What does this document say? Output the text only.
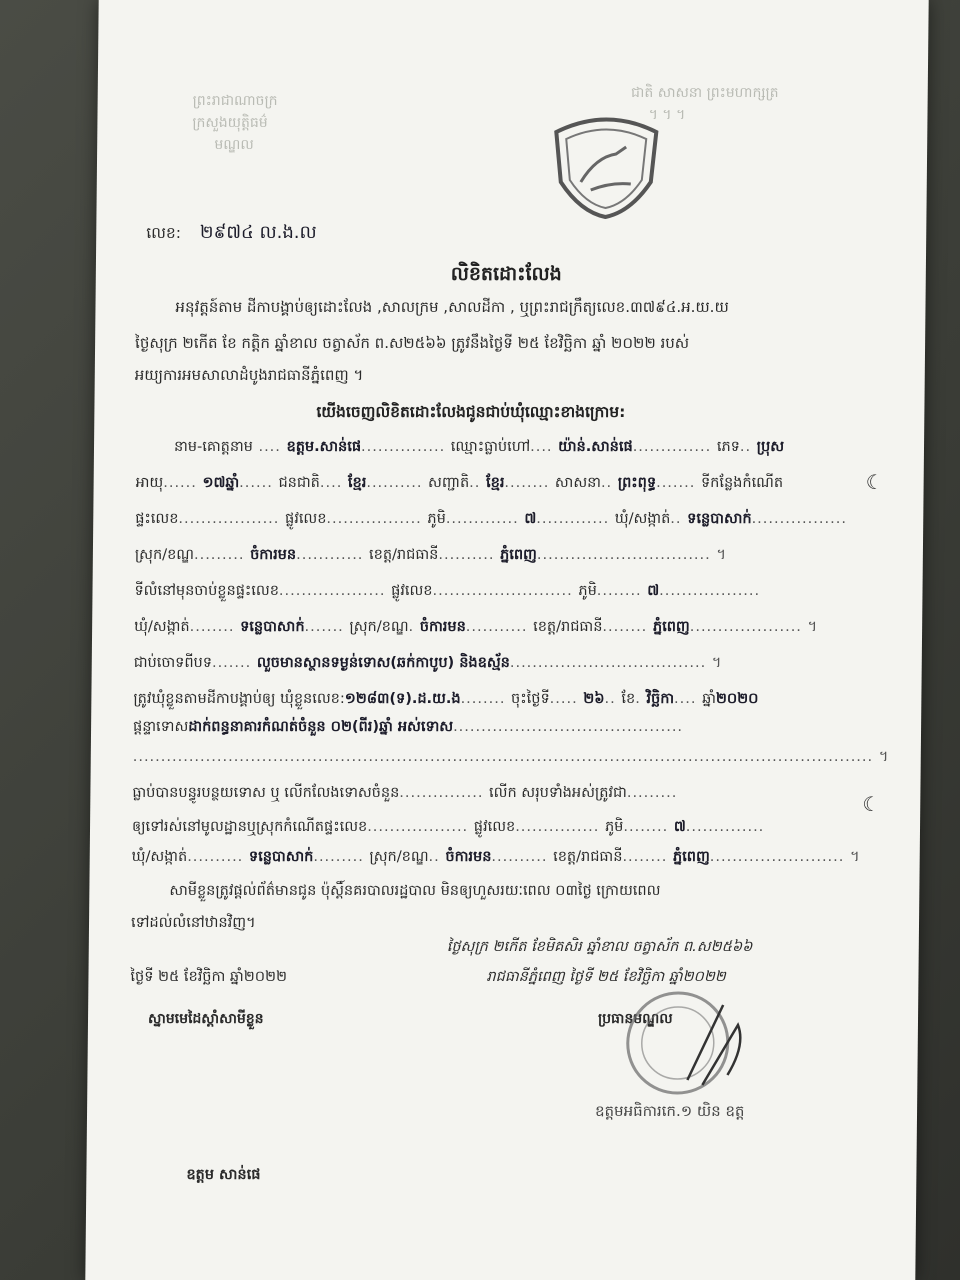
ព្រះរាជាណាចក្រ
ក្រសួងយុត្តិធម៌​​​​​​​
មណ្ឌល
ជាតិ សាសនា ព្រះមហាក្សត្រ
។ ។ ។
លេខ: ២៩៧៤ ល.ង.ល
លិខិតដោះលែង
អនុវត្តន៍តាម ដីកាបង្គាប់ឲ្យដោះលែង ,សាលក្រម ,សាលដីកា , ឬព្រះរាជក្រឹត្យលេខ.៣៧៩៤.អ.យ.យ
ថ្ងៃសុក្រ ២កើត ខែ កត្តិក ឆ្នាំខាល ចត្វាស័ក ព.ស២៥៦៦ ត្រូវនឹងថ្ងៃទី ២៥ ខែវិច្ឆិកា ឆ្នាំ ២០២២ របស់
អយ្យការអមសាលាដំបូងរាជធានីភ្នំពេញ ។
យើងចេញលិខិតដោះលែងជូនជាប់ឃុំឈ្មោះខាងក្រោម:
នាម-គោត្តនាម .... ឧត្តម.សាន់ផេ............... ឈ្មោះធ្លាប់ហៅ.... យ៉ាន់.សាន់ផេ.............. ភេទ.. ប្រុស
អាយុ...... ១៧ឆ្នាំ...... ជនជាតិ.... ខ្មែរ.......... សញ្ជាតិ.. ខ្មែរ........ សាសនា.. ព្រះពុទ្ធ....... ទីកន្លែងកំណើត	☾
ផ្ទះលេខ.................. ផ្លូវលេខ................. ភូមិ............. ៧............. ឃុំ/សង្កាត់.. ទន្លេបាសាក់.................
ស្រុក/ខណ្ឌ......... ចំការមន............ ខេត្ត/រាជធានី.......... ភ្នំពេញ............................... ។
ទីលំនៅមុនចាប់ខ្លួនផ្ទះលេខ................... ផ្លូវលេខ......................... ភូមិ........ ៧..................
ឃុំ/សង្កាត់........ ទន្លេបាសាក់....... ស្រុក/ខណ្ឌ. ចំការមន........... ខេត្ត/រាជធានី........ ភ្នំពេញ.................... ។
ជាប់ចោទពីបទ....... លួចមានស្ថានទម្ងន់ទោស(ឆក់កាបូប) និងឧស្ម័ន................................... ។
ត្រូវឃុំខ្លួនតាមដីកាបង្គាប់ឲ្យ ឃុំខ្លួនលេខ:១២៨៣(ទ).ដ.យ.ង........ ចុះថ្ងៃទី..... ២៦.. ខែ. វិច្ឆិកា.... ឆ្នាំ២០២០
ផ្តន្ទាទោសដាក់ពន្ធនាគារកំណត់ចំនួន ០២(ពីរ)ឆ្នាំ អស់ទោស.........................................
.................................................................................................................................... ។
ធ្លាប់បានបន្ធូរបន្ថយទោស ឬ លើកលែងទោសចំនួន............... លើក សរុបទាំងអស់ត្រូវជា.........	☾
ឲ្យទៅរស់នៅមូលដ្ឋានឬស្រុកកំណើតផ្ទះលេខ.................. ផ្លូវលេខ............... ភូមិ........ ៧..............
ឃុំ/សង្កាត់.......... ទន្លេបាសាក់......... ស្រុក/ខណ្ឌ.. ចំការមន.......... ខេត្ត/រាជធានី........ ភ្នំពេញ........................ ។
សាមីខ្លួនត្រូវផ្តល់ព័ត៌មានជូន ប៉ុស្តិ៍នគរបាលរដ្ឋបាល មិនឲ្យហួសរយៈពេល ០៣ថ្ងៃ ក្រោយពេល
ទៅដល់លំនៅឋានវិញ។
ថ្ងៃសុក្រ ២កើត ខែមិគសិរ ឆ្នាំខាល ចត្វាស័ក ព.ស២៥៦៦
ថ្ងៃទី ២៥ ខែវិច្ឆិកា ឆ្នាំ២០២២	រាជធានីភ្នំពេញ ថ្ងៃទី ២៥ ខែវិច្ឆិកា ឆ្នាំ២០២២
ស្នាមមេដៃស្តាំសាមីខ្លួន	ប្រធានមណ្ឌល
ឧត្តមអធិការកេ.១ យិន ឧត្ត
ឧត្តម សាន់ផេ
